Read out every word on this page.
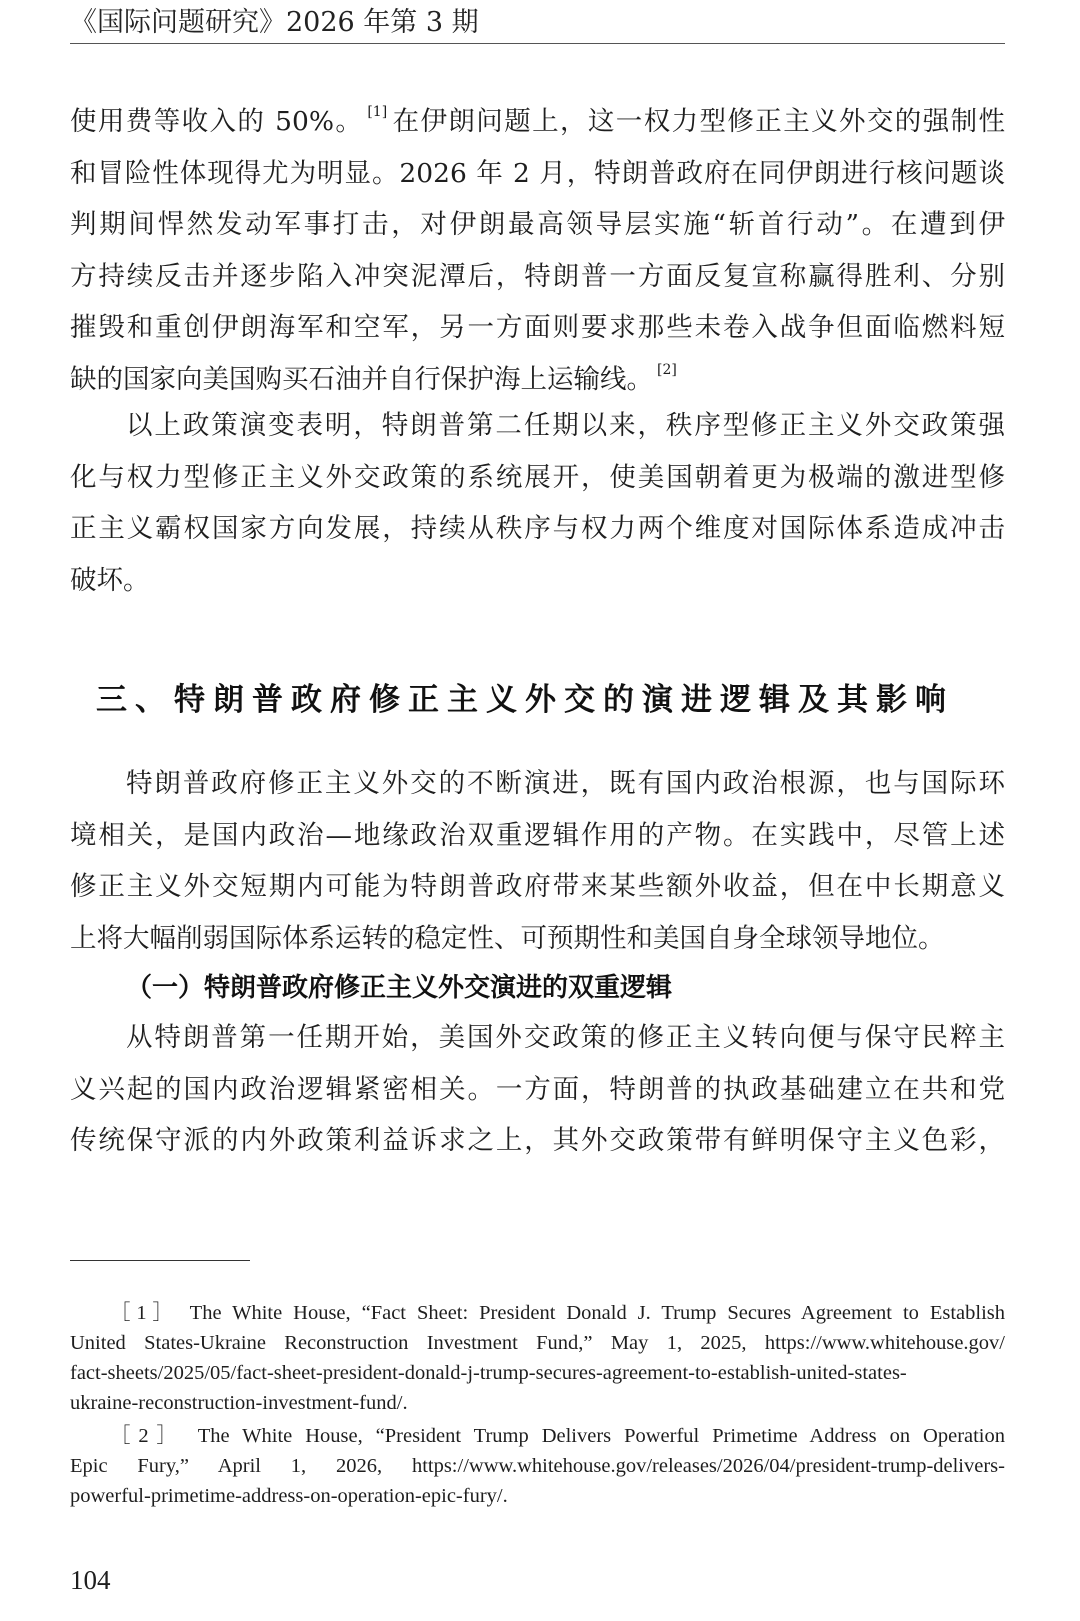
《国际问题研究》2026 年第 3 期
使用费等收入的 50%。 [1] 在伊朗问题上，这一权力型修正主义外交的强制性
和冒险性体现得尤为明显。2026 年 2 月，特朗普政府在同伊朗进行核问题谈
判期间悍然发动军事打击，对伊朗最高领导层实施“斩首行动”。在遭到伊
方持续反击并逐步陷入冲突泥潭后，特朗普一方面反复宣称赢得胜利、分别
摧毁和重创伊朗海军和空军，另一方面则要求那些未卷入战争但面临燃料短
缺的国家向美国购买石油并自行保护海上运输线。 [2]
以上政策演变表明，特朗普第二任期以来，秩序型修正主义外交政策强
化与权力型修正主义外交政策的系统展开，使美国朝着更为极端的激进型修
正主义霸权国家方向发展，持续从秩序与权力两个维度对国际体系造成冲击
破坏。
三、特朗普政府修正主义外交的演进逻辑及其影响
特朗普政府修正主义外交的不断演进，既有国内政治根源，也与国际环
境相关，是国内政治—地缘政治双重逻辑作用的产物。在实践中，尽管上述
修正主义外交短期内可能为特朗普政府带来某些额外收益，但在中长期意义
上将大幅削弱国际体系运转的稳定性、可预期性和美国自身全球领导地位。
（一）特朗普政府修正主义外交演进的双重逻辑
从特朗普第一任期开始，美国外交政策的修正主义转向便与保守民粹主
义兴起的国内政治逻辑紧密相关。一方面，特朗普的执政基础建立在共和党
传统保守派的内外政策利益诉求之上，其外交政策带有鲜明保守主义色彩，
［1］ The White House, “Fact Sheet: President Donald J. Trump Secures Agreement to Establish
United States-Ukraine Reconstruction Investment Fund,” May 1, 2025, https://www.whitehouse.gov/
fact-sheets/2025/05/fact-sheet-president-donald-j-trump-secures-agreement-to-establish-united-states-
ukraine-reconstruction-investment-fund/.
［2］ The White House, “President Trump Delivers Powerful Primetime Address on Operation
Epic Fury,” April 1, 2026, https://www.whitehouse.gov/releases/2026/04/president-trump-delivers-
powerful-primetime-address-on-operation-epic-fury/.
104
